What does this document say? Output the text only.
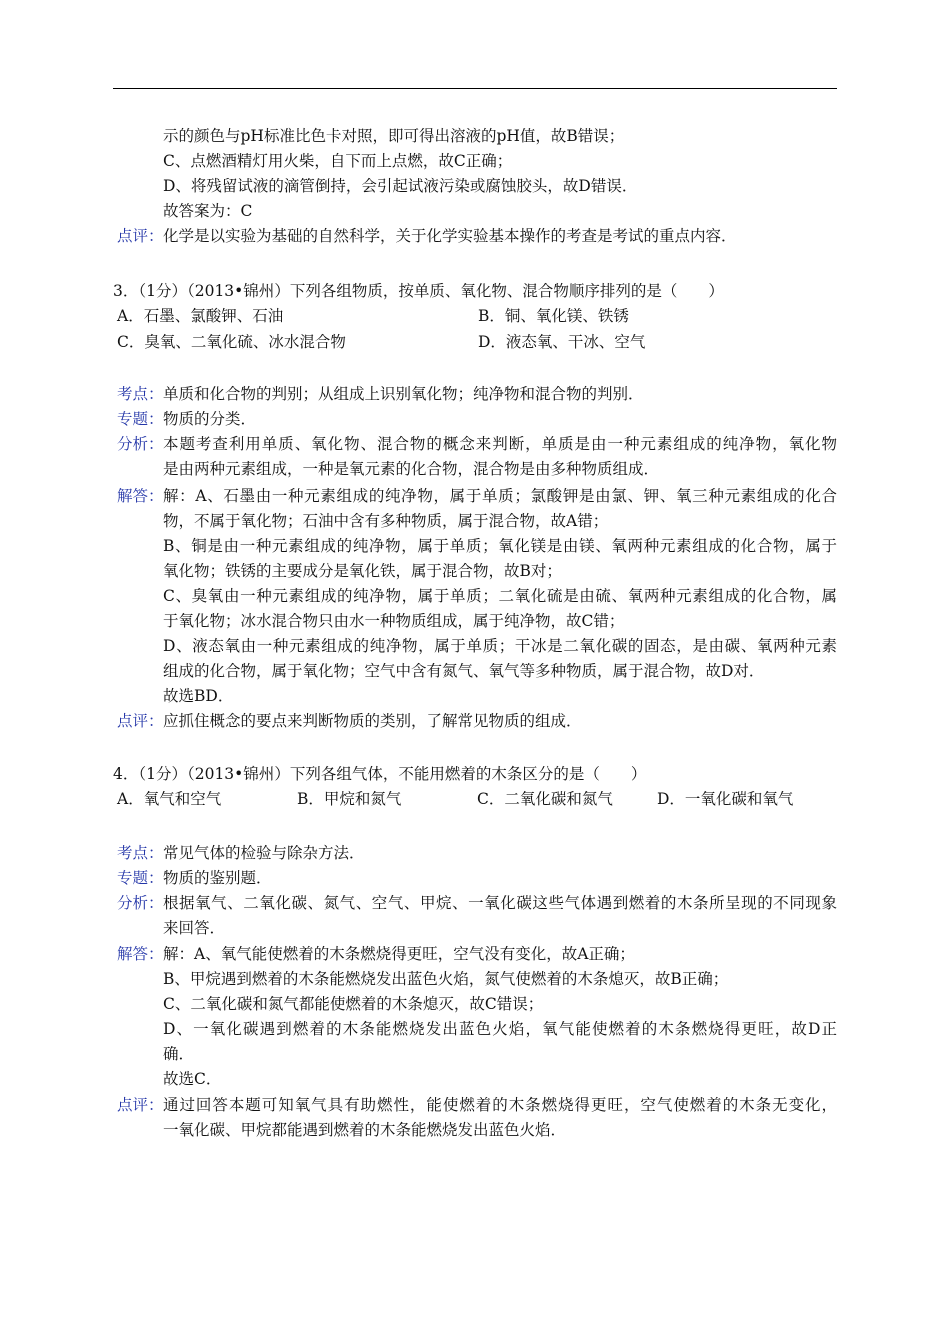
示的颜色与pH标准比色卡对照，即可得出溶液的pH值，故B错误；
C、点燃酒精灯用火柴，自下而上点燃，故C正确；
D、将残留试液的滴管倒持，会引起试液污染或腐蚀胶头，故D错误．
故答案为：C
点评： 化学是以实验为基础的自然科学，关于化学实验基本操作的考查是考试的重点内容．
3．（1分）（2013•锦州）下列各组物质，按单质、氧化物、混合物顺序排列的是（　　）
A．石墨、氯酸钾、石油	B．铜、氧化镁、铁锈
C．臭氧、二氧化硫、冰水混合物	D．液态氧、干冰、空气
考点： 单质和化合物的判别；从组成上识别氧化物；纯净物和混合物的判别．
专题： 物质的分类．
分析： 本题考查利用单质、氧化物、混合物的概念来判断，单质是由一种元素组成的纯净物，氧化物
是由两种元素组成，一种是氧元素的化合物，混合物是由多种物质组成．
解答： 解：A、石墨由一种元素组成的纯净物，属于单质；氯酸钾是由氯、钾、氧三种元素组成的化合
物，不属于氧化物；石油中含有多种物质，属于混合物，故A错；
B、铜是由一种元素组成的纯净物，属于单质；氧化镁是由镁、氧两种元素组成的化合物，属于
氧化物；铁锈的主要成分是氧化铁，属于混合物，故B对；
C、臭氧由一种元素组成的纯净物，属于单质；二氧化硫是由硫、氧两种元素组成的化合物，属
于氧化物；冰水混合物只由水一种物质组成，属于纯净物，故C错；
D、液态氧由一种元素组成的纯净物，属于单质；干冰是二氧化碳的固态，是由碳、氧两种元素
组成的化合物，属于氧化物；空气中含有氮气、氧气等多种物质，属于混合物，故D对．
故选BD．
点评： 应抓住概念的要点来判断物质的类别，了解常见物质的组成．
4．（1分）（2013•锦州）下列各组气体，不能用燃着的木条区分的是（　　）
A．氧气和空气	B．甲烷和氮气	C．二氧化碳和氮气	D．一氧化碳和氧气
考点： 常见气体的检验与除杂方法．
专题： 物质的鉴别题．
分析： 根据氧气、二氧化碳、氮气、空气、甲烷、一氧化碳这些气体遇到燃着的木条所呈现的不同现象
来回答．
解答： 解：A、氧气能使燃着的木条燃烧得更旺，空气没有变化，故A正确；
B、甲烷遇到燃着的木条能燃烧发出蓝色火焰，氮气使燃着的木条熄灭，故B正确；
C、二氧化碳和氮气都能使燃着的木条熄灭，故C错误；
D、一氧化碳遇到燃着的木条能燃烧发出蓝色火焰，氧气能使燃着的木条燃烧得更旺，故D正
确．
故选C．
点评： 通过回答本题可知氧气具有助燃性，能使燃着的木条燃烧得更旺，空气使燃着的木条无变化，
一氧化碳、甲烷都能遇到燃着的木条能燃烧发出蓝色火焰．
